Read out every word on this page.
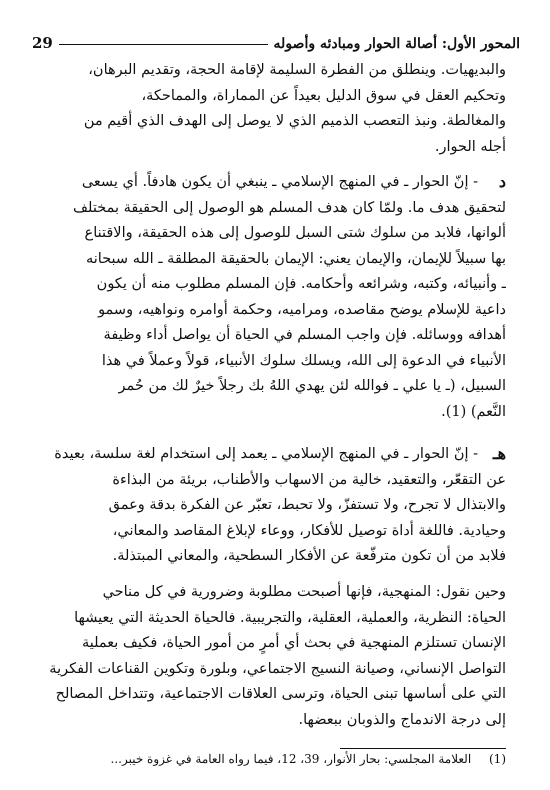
المحور الأول: أصالة الحوار ومبادئه وأصوله
29

والبديهيات. وينطلق من الفطرة السليمة لإقامة الحجة، وتقديم البرهان،
وتحكيم العقل في سوق الدليل بعيداً عن المماراة، والمماحكة،
والمغالطة. ونبذ التعصب الذميم الذي لا يوصل إلى الهدف الذي أقيم من
أجله الحوار.

د

- إنّ الحوار ـ في المنهج الإسلامي ـ ينبغي أن يكون هادفاً. أي يسعى
لتحقيق هدف ما. ولمّا كان هدف المسلم هو الوصول إلى الحقيقة بمختلف
ألوانها، فلابد من سلوك شتى السبل للوصول إلى هذه الحقيقة، والاقتناع
بها سبيلاً للإيمان، والإيمان يعني: الإيمان بالحقيقة المطلقة ـ الله سبحانه
ـ وأنبيائه، وكتبه، وشرائعه وأحكامه. فإن المسلم مطلوب منه أن يكون
داعية للإسلام يوضح مقاصده، ومراميه، وحكمة أوامره ونواهيه، وسمو
أهدافه ووسائله. فإن واجب المسلم في الحياة أن يواصل أداء وظيفة
الأنبياء في الدعوة إلى الله، ويسلك سلوك الأنبياء، قولاً وعملاً في هذا
السبيل، (ـ يا علي ـ فوالله لئن يهدي اللهُ بك رجلاً خيرٌ لك من حُمر
النَّعم) (1).

هـ

- إنّ الحوار ـ في المنهج الإسلامي ـ يعمد إلى استخدام لغة سلسة، بعيدة
عن التقعّر، والتعقيد، خالية من الاسهاب والأطناب، بريئة من البذاءة
والابتذال لا تجرح، ولا تستفزّ، ولا تحبط، تعبّر عن الفكرة بدقة وعمق
وحيادية. فاللغة أداة توصيل للأفكار، ووعاء لإبلاغ المقاصد والمعاني،
فلابد من أن تكون مترفّعة عن الأفكار السطحية، والمعاني المبتذلة.

وحين نقول: المنهجية، فإنها أصبحت مطلوبة وضرورية في كل مناحي
الحياة: النظرية، والعملية، العقلية، والتجريبية. فالحياة الحديثة التي يعيشها
الإنسان تستلزم المنهجية في بحث أي أمرٍ من أمور الحياة، فكيف بعملية
التواصل الإنساني، وصيانة النسيج الاجتماعي، وبلورة وتكوين القناعات الفكرية
التي على أساسها تبنى الحياة، وترسى العلاقات الاجتماعية، وتتداخل المصالح
إلى درجة الاندماج والذوبان ببعضها.

(1) العلامة المجلسي: بحار الأنوار، 39، 12، فيما رواه العامة في غزوة خيبر...
